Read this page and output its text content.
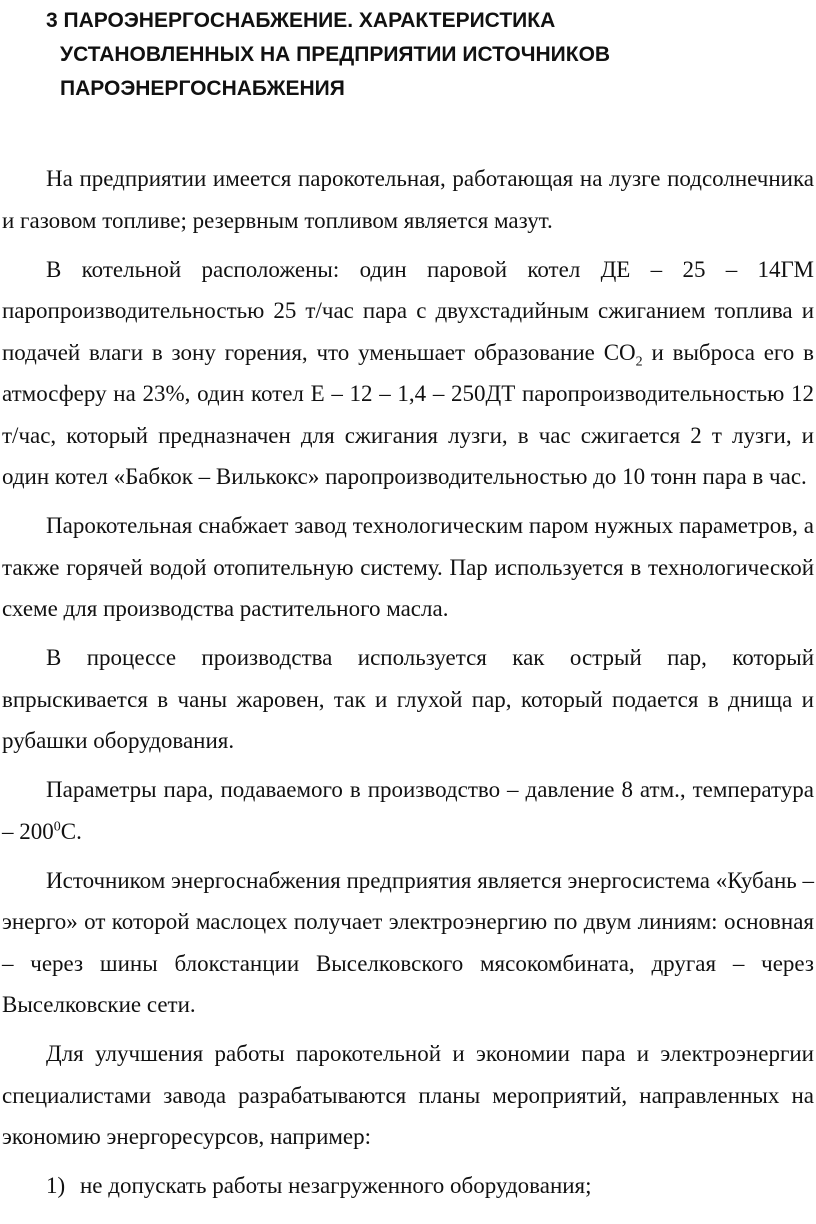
3 ПАРОЭНЕРГОСНАБЖЕНИЕ. ХАРАКТЕРИСТИКА
УСТАНОВЛЕННЫХ НА ПРЕДПРИЯТИИ ИСТОЧНИКОВ
ПАРОЭНЕРГОСНАБЖЕНИЯ

На предприятии имеется парокотельная, работающая на лузге подсолнечника и газовом топливе; резервным топливом является мазут.

В котельной расположены: один паровой котел ДЕ – 25 – 14ГМ паропроизводительностью 25 т/час пара с двухстадийным сжиганием топлива и подачей влаги в зону горения, что уменьшает образование $СО_2$ и выброса его в атмосферу на 23%, один котел Е – 12 – 1,4 – 250ДТ паропроизводительностью 12 т/час, который предназначен для сжигания лузги, в час сжигается 2 т лузги, и один котел «Бабкок – Вилькокс» паропроизводительностью до 10 тонн пара в час.

Парокотельная снабжает завод технологическим паром нужных параметров, а также горячей водой отопительную систему. Пар используется в технологической схеме для производства растительного масла.

В процессе производства используется как острый пар, который впрыскивается в чаны жаровен, так и глухой пар, который подается в днища и рубашки оборудования.

Параметры пара, подаваемого в производство – давление 8 атм., температура – $200^0С$.

Источником энергоснабжения предприятия является энергосистема «Кубань – энерго» от которой маслоцех получает электроэнергию по двум линиям: основная – через шины блокстанции Выселковского мясокомбината, другая – через Выселковские сети.

Для улучшения работы парокотельной и экономии пара и электроэнергии специалистами завода разрабатываются планы мероприятий, направленных на экономию энергоресурсов, например:

1) не допускать работы незагруженного оборудования;
